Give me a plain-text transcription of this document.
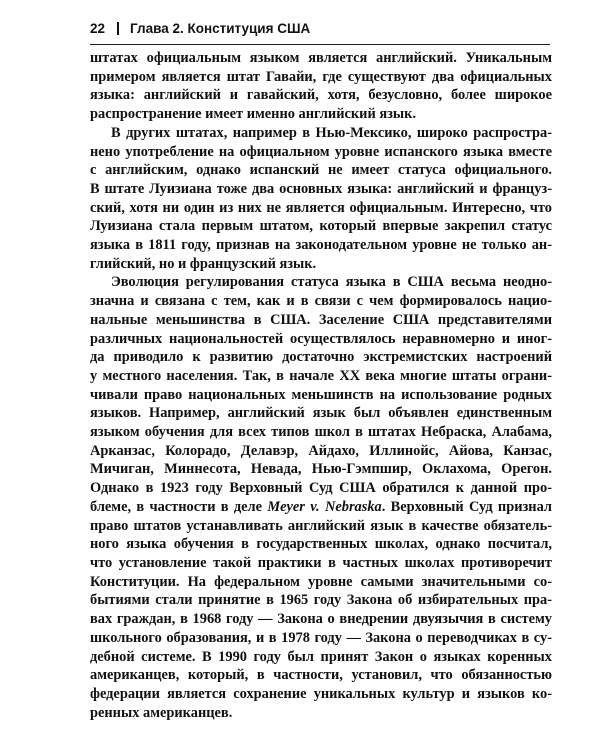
22 Глава 2. Конституция США

штатах официальным языком является английский. Уникальным
примером является штат Гавайи, где существуют два официальных
языка: английский и гавайский, хотя, безусловно, более широкое
распространение имеет именно английский язык.

В других штатах, например в Нью-Мексико, широко распростра-
нено употребление на официальном уровне испанского языка вместе
с английским, однако испанский не имеет статуса официального.
В штате Луизиана тоже два основных языка: английский и француз-
ский, хотя ни один из них не является официальным. Интересно, что
Луизиана стала первым штатом, который впервые закрепил статус
языка в 1811 году, признав на законодательном уровне не только ан-
глийский, но и французский язык.

Эволюция регулирования статуса языка в США весьма неодно-
значна и связана с тем, как и в связи с чем формировалось нацио-
нальные меньшинства в США. Заселение США представителями
различных национальностей осуществлялось неравномерно и иног-
да приводило к развитию достаточно экстремистских настроений
у местного населения. Так, в начале XX века многие штаты ограни-
чивали право национальных меньшинств на использование родных
языков. Например, английский язык был объявлен единственным
языком обучения для всех типов школ в штатах Небраска, Алабама,
Арканзас, Колорадо, Делавэр, Айдахо, Иллинойс, Айова, Канзас,
Мичиган, Миннесота, Невада, Нью-Гэмпшир, Оклахома, Орегон.
Однако в 1923 году Верховный Суд США обратился к данной про-
блеме, в частности в деле Meyer v. Nebraska. Верховный Суд признал
право штатов устанавливать английский язык в качестве обязатель-
ного языка обучения в государственных школах, однако посчитал,
что установление такой практики в частных школах противоречит
Конституции. На федеральном уровне самыми значительными со-
бытиями стали принятие в 1965 году Закона об избирательных пра-
вах граждан, в 1968 году — Закона о внедрении двуязычия в систему
школьного образования, и в 1978 году — Закона о переводчиках в су-
дебной системе. В 1990 году был принят Закон о языках коренных
американцев, который, в частности, установил, что обязанностью
федерации является сохранение уникальных культур и языков ко-
ренных американцев.
